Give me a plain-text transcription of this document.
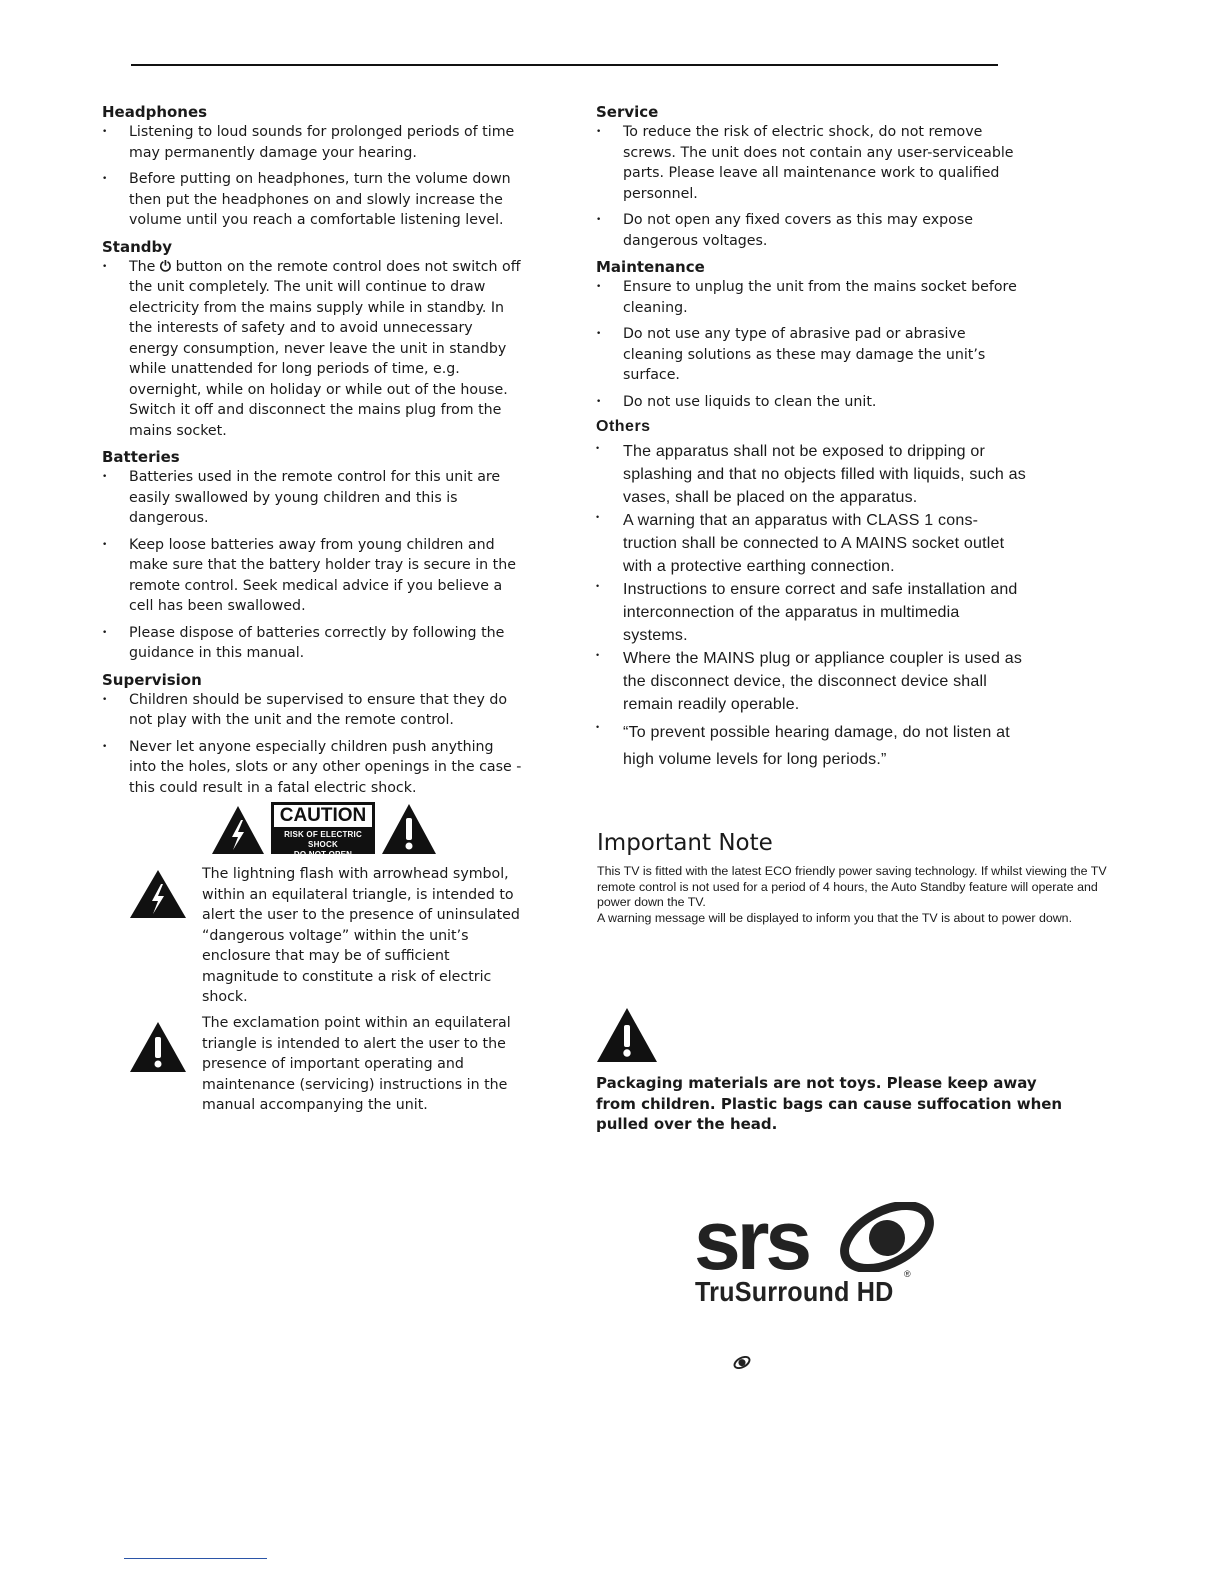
Headphones
• Listening to loud sounds for prolonged periods of time may permanently damage your hearing.
• Before putting on headphones, turn the volume down then put the headphones on and slowly increase the volume until you reach a comfortable listening level.
Standby
• The ⏻ button on the remote control does not switch off the unit completely. The unit will continue to draw electricity from the mains supply while in standby. In the interests of safety and to avoid unnecessary energy consumption, never leave the unit in standby while unattended for long periods of time, e.g. overnight, while on holiday or while out of the house. Switch it off and disconnect the mains plug from the mains socket.
Batteries
• Batteries used in the remote control for this unit are easily swallowed by young children and this is dangerous.
• Keep loose batteries away from young children and make sure that the battery holder tray is secure in the remote control. Seek medical advice if you believe a cell has been swallowed.
• Please dispose of batteries correctly by following the guidance in this manual.
Supervision
• Children should be supervised to ensure that they do not play with the unit and the remote control.
• Never let anyone especially children push anything into the holes, slots or any other openings in the case - this could result in a fatal electric shock.
CAUTION
RISK OF ELECTRIC SHOCK
DO NOT OPEN
The lightning flash with arrowhead symbol, within an equilateral triangle, is intended to alert the user to the presence of uninsulated “dangerous voltage” within the unit’s enclosure that may be of sufficient magnitude to constitute a risk of electric shock.
The exclamation point within an equilateral triangle is intended to alert the user to the presence of important operating and maintenance (servicing) instructions in the manual accompanying the unit.
Service
• To reduce the risk of electric shock, do not remove screws. The unit does not contain any user-serviceable parts. Please leave all maintenance work to qualified personnel.
• Do not open any fixed covers as this may expose dangerous voltages.
Maintenance
• Ensure to unplug the unit from the mains socket before cleaning.
• Do not use any type of abrasive pad or abrasive cleaning solutions as these may damage the unit’s surface.
• Do not use liquids to clean the unit.
Others
• The apparatus shall not be exposed to dripping or splashing and that no objects filled with liquids, such as vases, shall be placed on the apparatus.
• A warning that an apparatus with CLASS 1 cons- truction shall be connected to A MAINS socket outlet with a protective earthing connection.
• Instructions to ensure correct and safe installation and interconnection of the apparatus in multimedia systems.
• Where the MAINS plug or appliance coupler is used as the disconnect device, the disconnect device shall remain readily operable.
• “To prevent possible hearing damage, do not listen at high volume levels for long periods.”
Important Note

This TV is fitted with the latest ECO friendly power saving technology. If whilst viewing the TV remote control is not used for a period of 4 hours, the Auto Standby feature will operate and power down the TV.

A warning message will be displayed to inform you that the TV is about to power down.

Packaging materials are not toys. Please keep away from children. Plastic bags can cause suffocation when pulled over the head.
srs
TruSurround HD
®
